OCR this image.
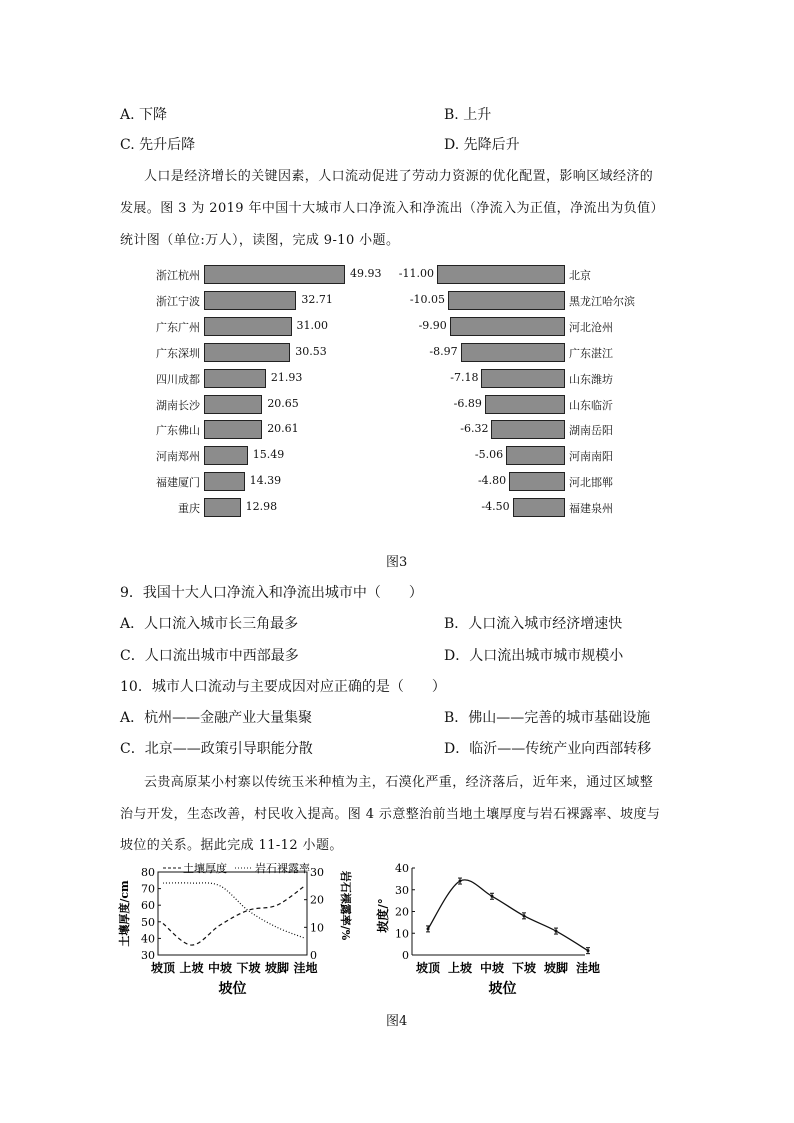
A. 下降	B. 上升
C. 先升后降	D. 先降后升
人口是经济增长的关键因素，人口流动促进了劳动力资源的优化配置，影响区域经济的
发展。图 3 为 2019 年中国十大城市人口净流入和净流出（净流入为正值，净流出为负值）
统计图（单位:万人），读图，完成 9-10 小题。
浙江杭州	49.93
浙江宁波	32.71
广东广州	31.00
广东深圳	30.53
四川成都	21.93
湖南长沙	20.65
广东佛山	20.61
河南郑州	15.49
福建厦门	14.39
重庆	12.98
-11.00	北京
-10.05	黑龙江哈尔滨
-9.90	河北沧州
-8.97	广东湛江
-7.18	山东潍坊
-6.89	山东临沂
-6.32	湖南岳阳
-5.06	河南南阳
-4.80	河北邯郸
-4.50	福建泉州
图3
9．我国十大人口净流入和净流出城市中（　　）
A．人口流入城市长三角最多	B．人口流入城市经济增速快
C．人口流出城市中西部最多	D．人口流出城市城市规模小
10．城市人口流动与主要成因对应正确的是（　　）
A．杭州——金融产业大量集聚	B．佛山——完善的城市基础设施
C．北京——政策引导职能分散	D．临沂——传统产业向西部转移
云贵高原某小村寨以传统玉米种植为主，石漠化严重，经济落后，近年来，通过区域整
治与开发，生态改善，村民收入提高。图 4 示意整治前当地土壤厚度与岩石裸露率、坡度与
坡位的关系。据此完成 11-12 小题。
30
40
50
60
70
80
0
10
20
30
坡顶 上坡 中坡 下坡 坡脚 洼地
坡位
土壤厚度/cm	岩石裸露率/%
土壤厚度	岩石裸露率
0
10
20
30
40
坡顶 上坡 中坡 下坡 坡脚 洼地
坡位
坡度/°
图4
